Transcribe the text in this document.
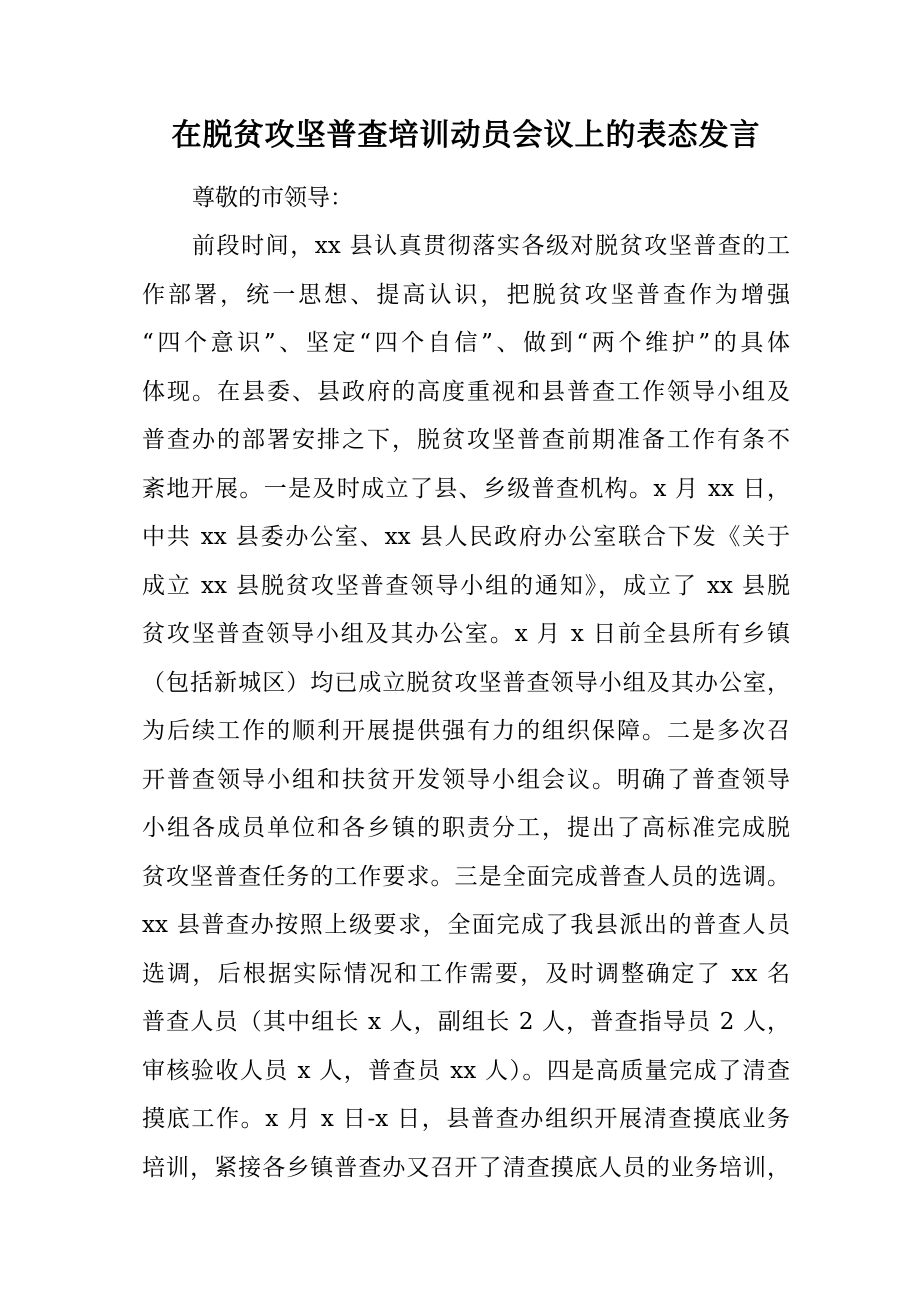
在脱贫攻坚普查培训动员会议上的表态发言

尊敬的市领导：

前段时间，xx 县认真贯彻落实各级对脱贫攻坚普查的工

作部署，统一思想、提高认识，把脱贫攻坚普查作为增强

“四个意识”、坚定“四个自信”、做到“两个维护”的具体

体现。在县委、县政府的高度重视和县普查工作领导小组及

普查办的部署安排之下，脱贫攻坚普查前期准备工作有条不

紊地开展。一是及时成立了县、乡级普查机构。x 月 xx 日，

中共 xx 县委办公室、xx 县人民政府办公室联合下发《关于

成立 xx 县脱贫攻坚普查领导小组的通知》，成立了 xx 县脱

贫攻坚普查领导小组及其办公室。x 月 x 日前全县所有乡镇

（包括新城区）均已成立脱贫攻坚普查领导小组及其办公室，

为后续工作的顺利开展提供强有力的组织保障。二是多次召

开普查领导小组和扶贫开发领导小组会议。明确了普查领导

小组各成员单位和各乡镇的职责分工，提出了高标准完成脱

贫攻坚普查任务的工作要求。三是全面完成普查人员的选调。

xx 县普查办按照上级要求，全面完成了我县派出的普查人员

选调，后根据实际情况和工作需要，及时调整确定了 xx 名

普查人员（其中组长 x 人，副组长 2 人，普查指导员 2 人，

审核验收人员 x 人，普查员 xx 人）。四是高质量完成了清查

摸底工作。x 月 x 日-x 日，县普查办组织开展清查摸底业务

培训，紧接各乡镇普查办又召开了清查摸底人员的业务培训，
